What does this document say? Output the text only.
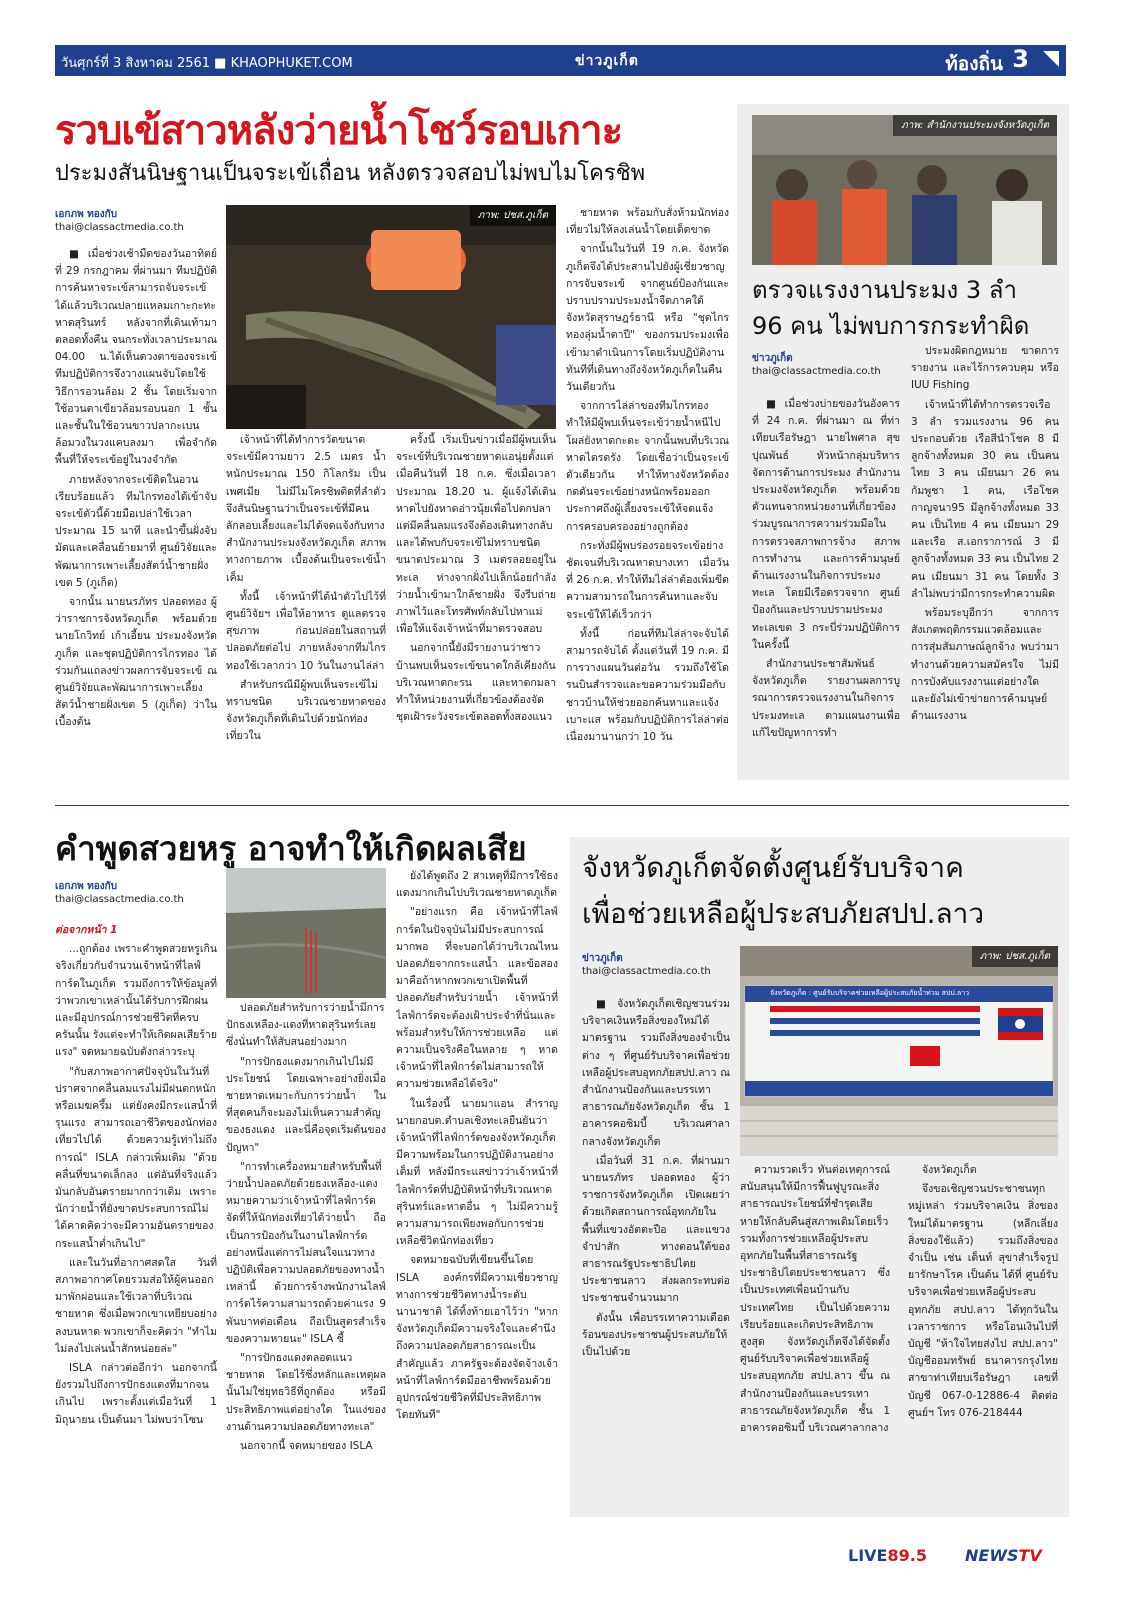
วันศุกร์ที่ 3 สิงหาคม 2561 ■ KHAOPHUKET.COM	ข่าวภูเก็ต	ท้องถิ่น 3
รวบเข้สาวหลังว่ายน้ำโชว์รอบเกาะ
ประมงสันนิษฐานเป็นจระเข้เถื่อน หลังตรวจสอบไม่พบไมโครชิพ
เอกภพ ทองกับ
thai@classactmedia.co.th

■ เมื่อช่วงเช้ามืดของวันอาทิตย์ที่ 29 กรกฎาคม ที่ผ่านมา ทีมปฏิบัติการค้นหาจระเข้สามารถจับจระเข้ได้แล้วบริเวณปลายแหลมเกาะกะทะ หาดสุรินทร์ หลังจากที่เดินเท้ามาตลอดทั้งคืน จนกระทั่งเวลาประมาณ 04.00 น.ได้เห็นดวงตาของจระเข้ ทีมปฏิบัติการจึงวางแผนจับโดยใช้วิธีการอวนล้อม 2 ชั้น โดยเริ่มจากใช้อวนตาเขียวล้อมรอบนอก 1 ชั้น และชั้นในใช้อวนขาวปลากะเบนล้อมวงในวงแคบลงมา เพื่อจำกัดพื้นที่ให้จระเข้อยู่ในวงจำกัด

ภายหลังจากจระเข้ติดในอวนเรียบร้อยแล้ว ทีมไกรทองได้เข้าจับจระเข้ตัวนี้ด้วยมือเปล่าใช้เวลาประมาณ 15 นาที และนำขึ้นฝั่งจับมัดและเคลื่อนย้ายมาที่ ศูนย์วิจัยและพัฒนาการเพาะเลี้ยงสัตว์น้ำชายฝั่งเขต 5 (ภูเก็ต)

จากนั้น นายนรภัทร ปลอดทอง ผู้ว่าราชการจังหวัดภูเก็ต พร้อมด้วยนายโกวิทย์ เก้าเอี้ยน ประมงจังหวัดภูเก็ต และชุดปฏิบัติการไกรทอง ได้ร่วมกันแถลงข่าวผลการจับจระเข้ ณ ศูนย์วิจัยและพัฒนาการเพาะเลี้ยงสัตว์น้ำชายฝั่งเขต 5 (ภูเก็ต) ว่าในเบื้องต้น

ภาพ: ปชส.ภูเก็ต

เจ้าหน้าที่ได้ทำการวัดขนาดจระเข้มีความยาว 2.5 เมตร น้ำหนักประมาณ 150 กิโลกรัม เป็นเพศเมีย ไม่มีไมโครชิพติดที่ลำตัว จึงสันนิษฐานว่าเป็นจระเข้ที่มีคนลักลอบเลี้ยงและไม่ได้จดแจ้งกับทางสำนักงานประมงจังหวัดภูเก็ต สภาพทางกายภาพ เบื้องต้นเป็นจระเข้น้ำเค็ม

ทั้งนี้ เจ้าหน้าที่ได้นำตัวไปไว้ที่ศูนย์วิจัยฯ เพื่อให้อาหาร ดูแลตรวจสุขภาพ ก่อนปล่อยในสถานที่ปลอดภัยต่อไป ภายหลังจากทีมไกรทองใช้เวลากว่า 10 วันในงานไล่ล่า

สำหรับกรณีมีผู้พบเห็นจระเข้ไม่ทราบชนิด บริเวณชายหาดของจังหวัดภูเก็ตที่เดินไปด้วยนักท่องเที่ยวใน

ครั้งนี้ เริ่มเป็นข่าวเมื่อมีผู้พบเห็นจระเข้ที่บริเวณชายหาดแอนุ่ยตั้งแต่เมื่อคืนวันที่ 18 ก.ค. ซึ่งเมื่อเวลาประมาณ 18.20 น. ผู้แจ้งได้เดินหาดไปยังหาดอ่าวนุ้ยเพื่อไปตกปลา แต่มีคลื่นลมแรงจึงต้องเดินทางกลับ และได้พบกับจระเข้ไม่ทราบชนิดขนาดประมาณ 3 เมตรลอยอยู่ในทะเล ห่างจากฝั่งไปเล็กน้อยกำลังว่ายน้ำเข้ามาใกล้ชายฝั่ง จึงรีบถ่ายภาพไว้และโทรศัพท์กลับไปหาแม่เพื่อให้แจ้งเจ้าหน้าที่มาตรวจสอบ

นอกจากนี้ยังมีรายงานว่าชาวบ้านพบเห็นจระเข้ขนาดใกล้เคียงกันบริเวณหาดกะรน และหาดกมลา ทำให้หน่วยงานที่เกี่ยวข้องต้องจัดชุดเฝ้าระวังจระเข้ตลอดทั้งสองแนว

ชายหาด พร้อมกับสั่งห้ามนักท่องเที่ยวไม่ให้ลงเล่นน้ำโดยเด็ดขาด

จากนั้นในวันที่ 19 ก.ค. จังหวัดภูเก็ตจึงได้ประสานไปยังผู้เชี่ยวชาญการจับจระเข้ จากศูนย์ป้องกันและปราบปรามประมงน้ำจืดภาคใต้ จังหวัดสุราษฎร์ธานี หรือ "ชุดไกรทองลุ่มน้ำตาปี" ของกรมประมงเพื่อเข้ามาดำเนินการโดยเริ่มปฏิบัติงานทันทีที่เดินทางถึงจังหวัดภูเก็ตในคืนวันเดียวกัน

จากการไล่ล่าของทีมไกรทองทำให้มีผู้พบเห็นจระเข้ว่ายน้ำหนีไปโผล่ยังหาดกะตะ จากนั้นพบที่บริเวณหาดไตรตรัง โดยเชื่อว่าเป็นจระเข้ตัวเดียวกัน ทำให้ทางจังหวัดต้องกดดันจระเข้อย่างหนักพร้อมออกประกาศถึงผู้เลี้ยงจระเข้ให้จดแจ้งการครอบครองอย่างถูกต้อง

กระทั่งมีผู้พบร่องรอยจระเข้อย่างชัดเจนที่บริเวณหาดบางเทา เมื่อวันที่ 26 ก.ค. ทำให้ทีมไล่ล่าต้องเพิ่มขีดความสามารถในการค้นหาและจับจระเข้ให้ได้เร็วกว่า

ทั้งนี้ ก่อนที่ทีมไล่ล่าจะจับได้สามารถจับได้ ตั้งแต่วันที่ 19 ก.ค. มีการวางแผนวันต่อวัน รวมถึงใช้โดรนบินสำรวจและขอความร่วมมือกับชาวบ้านให้ช่วยออกค้นหาและแจ้งเบาะแส พร้อมกับปฏิบัติการไล่ล่าต่อเนื่องมานานกว่า 10 วัน

ภาพ: สำนักงานประมงจังหวัดภูเก็ต
ตรวจแรงงานประมง 3 ลำ
96 คน ไม่พบการกระทำผิด
ข่าวภูเก็ต
thai@classactmedia.co.th

■ เมื่อช่วงบ่ายของวันอังคารที่ 24 ก.ค. ที่ผ่านมา ณ ที่ท่าเทียบเรือรัษฎา นายไพศาล สุขปุณพันธ์ หัวหน้ากลุ่มบริหารจัดการด้านการประมง สำนักงานประมงจังหวัดภูเก็ต พร้อมด้วยตัวแทนจากหน่วยงานที่เกี่ยวข้อง ร่วมบูรณาการความร่วมมือในการตรวจสภาพการจ้าง สภาพการทำงาน และการค้ามนุษย์ด้านแรงงานในกิจการประมงทะเล โดยมีเรือตรวจจาก ศูนย์ป้องกันและปราบปรามประมงทะเลเขต 3 กระบี่ร่วมปฏิบัติการในครั้งนี้

สำนักงานประชาสัมพันธ์จังหวัดภูเก็ต รายงานผลการบูรณาการตรวจแรงงานในกิจการประมงทะเล ตามแผนงานเพื่อแก้ไขปัญหาการทำ

ประมงผิดกฎหมาย ขาดการรายงาน และไร้การควบคุม หรือ IUU Fishing

เจ้าหน้าที่ได้ทำการตรวจเรือ 3 ลำ รวมแรงงาน 96 คน ประกอบด้วย เรือสีนำโชค 8 มีลูกจ้างทั้งหมด 30 คน เป็นคนไทย 3 คน เมียนมา 26 คน กัมพูชา 1 คน, เรือโชคกาญจนา95 มีลูกจ้างทั้งหมด 33 คน เป็นไทย 4 คน เมียนมา 29 และเรือ ส.เอกราการณ์ 3 มีลูกจ้างทั้งหมด 33 คน เป็นไทย 2 คน เมียนมา 31 คน โดยทั้ง 3 ลำไม่พบว่ามีการกระทำความผิด

พร้อมระบุอีกว่า จากการสังเกตพฤติกรรมแวดล้อมและการสุ่มสัมภาษณ์ลูกจ้าง พบว่ามาทำงานด้วยความสมัครใจ ไม่มีการบังคับแรงงานแต่อย่างใด และยังไม่เข้าข่ายการค้ามนุษย์ด้านแรงงาน

คำพูดสวยหรู อาจทำให้เกิดผลเสีย
เอกภพ ทองกับ
thai@classactmedia.co.th

ต่อจากหน้า 1

...ถูกต้อง เพราะคำพูดสวยหรูเกินจริงเกี่ยวกับจำนวนเจ้าหน้าที่ไลฟ์การ์ดในภูเก็ต รวมถึงการให้ข้อมูลที่ว่าพวกเขาเหล่านั้นได้รับการฝึกฝนและมีอุปกรณ์การช่วยชีวิตที่ครบครันนั้น รังแต่จะทำให้เกิดผลเสียร้ายแรง" จดหมายฉบับดังกล่าวระบุ

"กับสภาพอากาศปัจจุบันในวันที่ปราศจากคลื่นลมแรงไม่มีฝนตกหนักหรือเมฆครึ้ม แต่ยังคงมีกระแสน้ำที่รุนแรง สามารถเอาชีวิตของนักท่องเที่ยวไปได้ ด้วยความรู้เท่าไม่ถึงการณ์" ISLA กล่าวเพิ่มเติม "ด้วยคลื่นที่ขนาดเล็กลง แต่อันที่จริงแล้วมันกลับอันตรายมากกว่าเดิม เพราะนักว่ายน้ำที่ยังขาดประสบการณ์ไม่ได้คาดคิดว่าจะมีความอันตรายของกระแสน้ำต่ำเกินไป"

และในวันที่อากาศสดใส วันที่สภาพอากาศโดยรวมส่อให้ผู้คนออกมาพักผ่อนและใช้เวลาที่บริเวณชายหาด ซึ่งเมื่อพวกเขาเหยียบอย่างลงบนหาด พวกเขาก็จะคิดว่า "ทำไมไม่ลงไปเล่นน้ำสักหน่อยล่ะ"

ISLA กล่าวต่ออีกว่า นอกจากนี้ยังรวมไปถึงการปักธงแดงที่มากจนเกินไป เพราะตั้งแต่เมื่อวันที่ 1 มิถุนายน เป็นต้นมา ไม่พบว่าโซน

ปลอดภัยสำหรับการว่ายน้ำมีการปักธงเหลือง-แดงที่หาดสุรินทร์เลย ซึ่งนั่นทำให้สับสนอย่างมาก

"การปักธงแดงมากเกินไปไม่มีประโยชน์ โดยเฉพาะอย่างยิ่งเมื่อชายหาดเหมาะกับการว่ายน้ำ ในที่สุดคนก็จะมองไม่เห็นความสำคัญของธงแดง และนี่คือจุดเริ่มต้นของปัญหา"

"การทำเครื่องหมายสำหรับพื้นที่ว่ายน้ำปลอดภัยด้วยธงเหลือง-แดง หมายความว่าเจ้าหน้าที่ไลฟ์การ์ดจัดที่ให้นักท่องเที่ยวได้ว่ายน้ำ ถือเป็นการป้องกันในงานไลฟ์การ์ดอย่างหนึ่งแต่การไม่สนใจแนวทางปฏิบัติเพื่อความปลอดภัยของทางน้ำเหล่านี้ ด้วยการจ้างพนักงานไลฟ์การ์ดไร้ความสามารถด้วยค่าแรง 9 พันบาทต่อเดือน ถือเป็นสูตรสำเร็จของความหายนะ" ISLA ชี้

"การปักธงแดงตลอดแนวชายหาด โดยไร้ซึ่งหลักและเหตุผลนั้นไม่ใช่ยุทธวิธีที่ถูกต้อง หรือมีประสิทธิภาพแต่อย่างใด ในแง่ของงานด้านความปลอดภัยทางทะเล"

นอกจากนี้ จดหมายของ ISLA

ยังได้พูดถึง 2 สาเหตุที่มีการใช้ธงแดงมากเกินไปบริเวณชายหาดภูเก็ต

"อย่างแรก คือ เจ้าหน้าที่ไลฟ์การ์ดในปัจจุบันไม่มีประสบการณ์มากพอ ที่จะบอกได้ว่าบริเวณไหนปลอดภัยจากกระแสน้ำ และข้อสองมาคือถ้าหากพวกเขาเปิดพื้นที่ปลอดภัยสำหรับว่ายน้ำ เจ้าหน้าที่ไลฟ์การ์ดจะต้องเฝ้าประจำที่นั่นและพร้อมสำหรับให้การช่วยเหลือ แต่ความเป็นจริงคือในหลาย ๆ หาด เจ้าหน้าที่ไลฟ์การ์ดไม่สามารถให้ความช่วยเหลือได้จริง"

ในเรื่องนี้ นายมาแอน สำราญ นายกอบต.ตำบลเชิงทะเลยืนยันว่าเจ้าหน้าที่ไลฟ์การ์ดของจังหวัดภูเก็ตมีความพร้อมในการปฏิบัติงานอย่างเต็มที่ หลังมีกระแสข่าวว่าเจ้าหน้าที่ไลฟ์การ์ดที่ปฏิบัติหน้าที่บริเวณหาดสุรินทร์และหาดอื่น ๆ ไม่มีความรู้ความสามารถเพียงพอกับการช่วยเหลือชีวิตนักท่องเที่ยว

จดหมายฉบับที่เขียนขึ้นโดย ISLA องค์กรที่มีความเชี่ยวชาญทางการช่วยชีวิตทางน้ำระดับนานาชาติ ได้ทิ้งท้ายเอาไว้ว่า "หากจังหวัดภูเก็ตมีความจริงใจและคำนึงถึงความปลอดภัยสาธารณะเป็นสำคัญแล้ว ภาครัฐจะต้องจัดจ้างเจ้าหน้าที่ไลฟ์การ์ดมืออาชีพพร้อมด้วยอุปกรณ์ช่วยชีวิตที่มีประสิทธิภาพโดยทันที"

จังหวัดภูเก็ตจัดตั้งศูนย์รับบริจาค
เพื่อช่วยเหลือผู้ประสบภัยสปป.ลาว
ข่าวภูเก็ต
thai@classactmedia.co.th
ภาพ: ปชส.ภูเก็ต
จังหวัดภูเก็ต : ศูนย์รับบริจาคช่วยเหลือผู้ประสบภัยน้ำท่วม สปป.ลาว

■ จังหวัดภูเก็ตเชิญชวนร่วมบริจาคเงินหรือสิ่งของใหม่ได้มาตรฐาน รวมถึงสิ่งของจำเป็นต่าง ๆ ที่ศูนย์รับบริจาคเพื่อช่วยเหลือผู้ประสบอุทกภัยสปป.ลาว ณ สำนักงานป้องกันและบรรเทาสาธารณภัยจังหวัดภูเก็ต ชั้น 1 อาคารคอซิมบี้ บริเวณศาลากลางจังหวัดภูเก็ต

เมื่อวันที่ 31 ก.ค. ที่ผ่านมา นายนรภัทร ปลอดทอง ผู้ว่าราชการจังหวัดภูเก็ต เปิดเผยว่า ด้วยเกิดสถานการณ์อุทกภัยในพื้นที่แขวงอัตตะปือ และแขวงจำปาสัก ทางตอนใต้ของสาธารณรัฐประชาธิปไตยประชาชนลาว ส่งผลกระทบต่อประชาชนจำนวนมาก

ดังนั้น เพื่อบรรเทาความเดือดร้อนของประชาชนผู้ประสบภัยให้เป็นไปด้วย

ความรวดเร็ว ทันต่อเหตุการณ์ สนับสนุนให้มีการฟื้นฟูบูรณะสิ่งสาธารณประโยชน์ที่ชำรุดเสียหายให้กลับคืนสู่สภาพเดิมโดยเร็ว รวมทั้งการช่วยเหลือผู้ประสบอุทกภัยในพื้นที่สาธารณรัฐประชาธิปไตยประชาชนลาว ซึ่งเป็นประเทศเพื่อนบ้านกับประเทศไทย เป็นไปด้วยความเรียบร้อยและเกิดประสิทธิภาพสูงสุด จังหวัดภูเก็ตจึงได้จัดตั้งศูนย์รับบริจาคเพื่อช่วยเหลือผู้ประสบอุทกภัย สปป.ลาว ขึ้น ณ สำนักงานป้องกันและบรรเทาสาธารณภัยจังหวัดภูเก็ต ชั้น 1 อาคารคอซิมบี้ บริเวณศาลากลาง

จังหวัดภูเก็ต

จึงขอเชิญชวนประชาชนทุกหมู่เหล่า ร่วมบริจาคเงิน สิ่งของใหม่ได้มาตรฐาน (หลีกเลี่ยงสิ่งของใช้แล้ว) รวมถึงสิ่งของจำเป็น เช่น เต็นท์ สุขาสำเร็จรูป ยารักษาโรค เป็นต้น ได้ที่ ศูนย์รับบริจาคเพื่อช่วยเหลือผู้ประสบอุทกภัย สปป.ลาว ได้ทุกวันในเวลาราชการ หรือโอนเงินไปที่ บัญชี "ห้าใจไทยส่งไป สปป.ลาว" บัญชีออมทรัพย์ ธนาคารกรุงไทย สาขาท่าเทียบเรือรัษฎา เลขที่บัญชี 067-0-12886-4 ติดต่อศูนย์ฯ โทร 076-218444

LIVE89.5 NEWSTV
